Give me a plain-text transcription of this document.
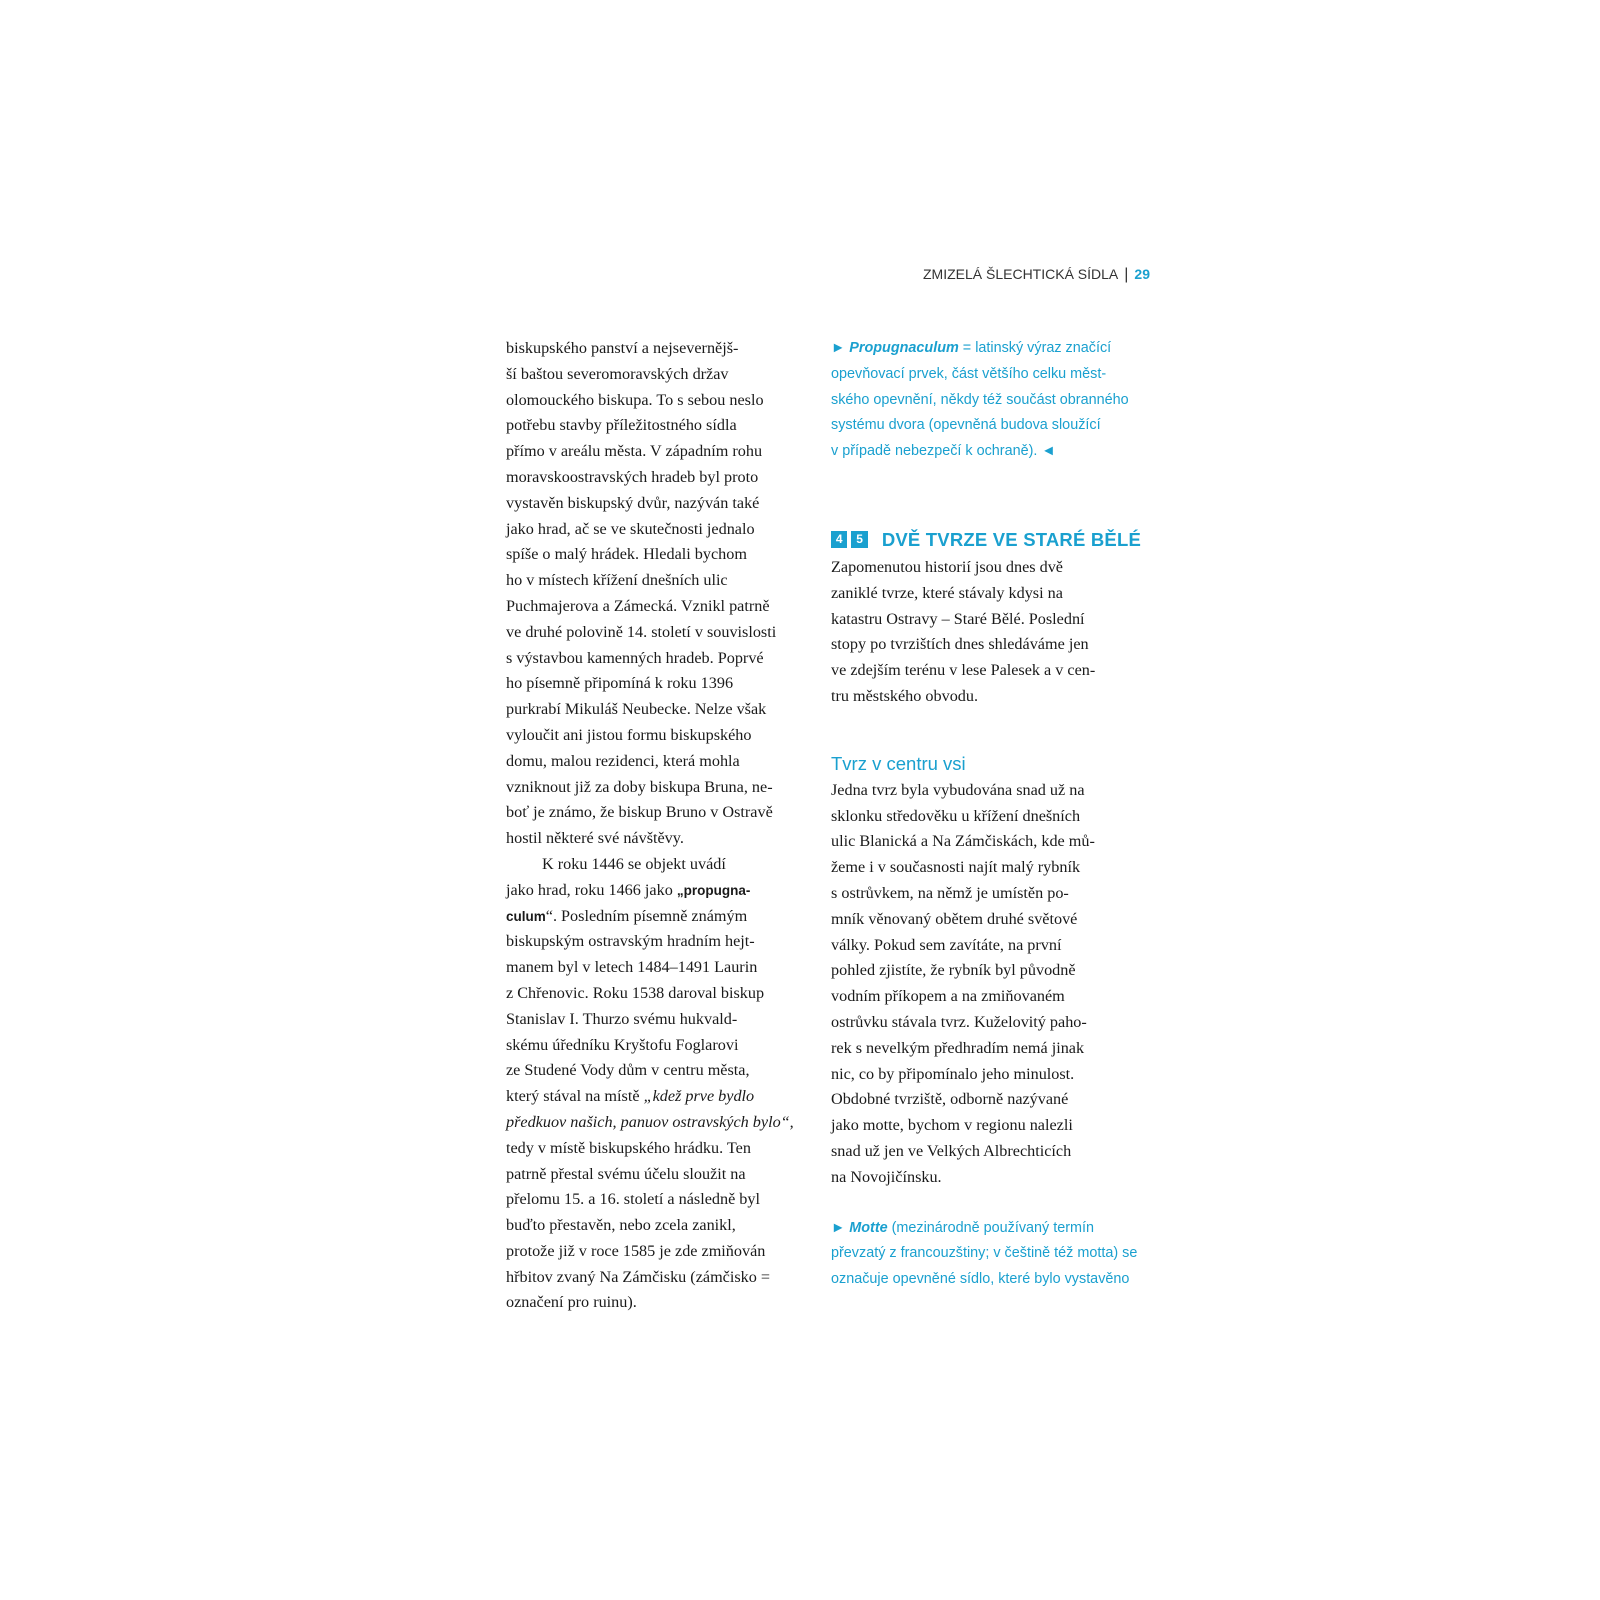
ZMIZELÁ ŠLECHTICKÁ SÍDLA | 29
biskupského panství a nejsevernějš-
ší baštou severomoravských držav
olomouckého biskupa. To s sebou neslo
potřebu stavby příležitostného sídla
přímo v areálu města. V západním rohu
moravskoostravských hradeb byl proto
vystavěn biskupský dvůr, nazýván také
jako hrad, ač se ve skutečnosti jednalo
spíše o malý hrádek. Hledali bychom
ho v místech křížení dnešních ulic
Puchmajerova a Zámecká. Vznikl patrně
ve druhé polovině 14. století v souvislosti
s výstavbou kamenných hradeb. Poprvé
ho písemně připomíná k roku 1396
purkrabí Mikuláš Neubecke. Nelze však
vyloučit ani jistou formu biskupského
domu, malou rezidenci, která mohla
vzniknout již za doby biskupa Bruna, ne-
boť je známo, že biskup Bruno v Ostravě
hostil některé své návštěvy.
K roku 1446 se objekt uvádí
jako hrad, roku 1466 jako „propugna-
culum“. Posledním písemně známým
biskupským ostravským hradním hejt-
manem byl v letech 1484–1491 Laurin
z Chřenovic. Roku 1538 daroval biskup
Stanislav I. Thurzo svému hukvald-
skému úředníku Kryštofu Foglarovi
ze Studené Vody dům v centru města,
který stával na místě „kdež prve bydlo
předkuov našich, panuov ostravských bylo“,
tedy v místě biskupského hrádku. Ten
patrně přestal svému účelu sloužit na
přelomu 15. a 16. století a následně byl
buďto přestavěn, nebo zcela zanikl,
protože již v roce 1585 je zde zmiňován
hřbitov zvaný Na Zámčisku (zámčisko =
označení pro ruinu).
► Propugnaculum = latinský výraz značící
opevňovací prvek, část většího celku měst-
ského opevnění, někdy též součást obranného
systému dvora (opevněná budova sloužící
v případě nebezpečí k ochraně). ◄
4	5 DVĚ TVRZE VE STARÉ BĚLÉ
Zapomenutou historií jsou dnes dvě
zaniklé tvrze, které stávaly kdysi na
katastru Ostravy – Staré Bělé. Poslední
stopy po tvrzištích dnes shledáváme jen
ve zdejším terénu v lese Palesek a v cen-
tru městského obvodu.
Tvrz v centru vsi
Jedna tvrz byla vybudována snad už na
sklonku středověku u křížení dnešních
ulic Blanická a Na Zámčiskách, kde mů-
žeme i v současnosti najít malý rybník
s ostrůvkem, na němž je umístěn po-
mník věnovaný obětem druhé světové
války. Pokud sem zavítáte, na první
pohled zjistíte, že rybník byl původně
vodním příkopem a na zmiňovaném
ostrůvku stávala tvrz. Kuželovitý paho-
rek s nevelkým předhradím nemá jinak
nic, co by připomínalo jeho minulost.
Obdobné tvrziště, odborně nazývané
jako motte, bychom v regionu nalezli
snad už jen ve Velkých Albrechticích
na Novojičínsku.
► Motte (mezinárodně používaný termín
převzatý z francouzštiny; v češtině též motta) se
označuje opevněné sídlo, které bylo vystavěno
